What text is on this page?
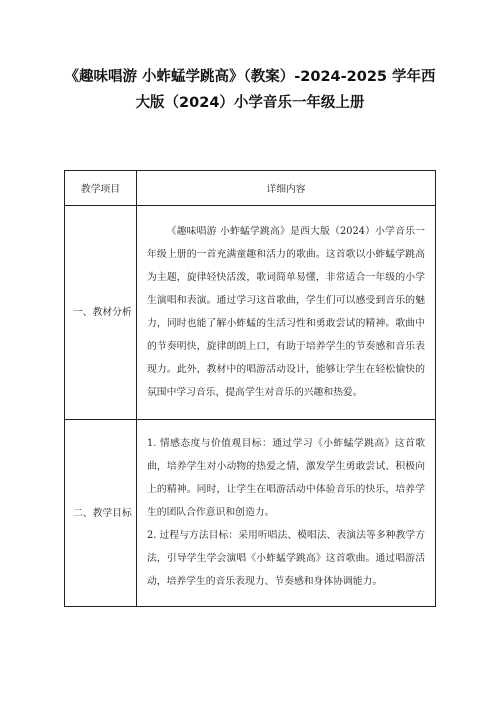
《趣味唱游 小蚱蜢学跳高》（教案）-2024-2025 学年西
大版（2024）小学音乐一年级上册
教学项目	详细内容
一、教材分析	《趣味唱游 小蚱蜢学跳高》是西大版（2024）小学音乐一年级上册的一首充满童趣和活力的歌曲。这首歌以小蚱蜢学跳高为主题，旋律轻快活泼，歌词简单易懂，非常适合一年级的小学生演唱和表演。通过学习这首歌曲，学生们可以感受到音乐的魅力，同时也能了解小蚱蜢的生活习性和勇敢尝试的精神。歌曲中的节奏明快，旋律朗朗上口，有助于培养学生的节奏感和音乐表现力。此外，教材中的唱游活动设计，能够让学生在轻松愉快的氛围中学习音乐，提高学生对音乐的兴趣和热爱。

二、教学目标	1. 情感态度与价值观目标：通过学习《小蚱蜢学跳高》这首歌曲，培养学生对小动物的热爱之情，激发学生勇敢尝试、积极向上的精神。同时，让学生在唱游活动中体验音乐的快乐，培养学生的团队合作意识和创造力。

2. 过程与方法目标：采用听唱法、模唱法、表演法等多种教学方法，引导学生学会演唱《小蚱蜢学跳高》这首歌曲。通过唱游活动，培养学生的音乐表现力、节奏感和身体协调能力。
